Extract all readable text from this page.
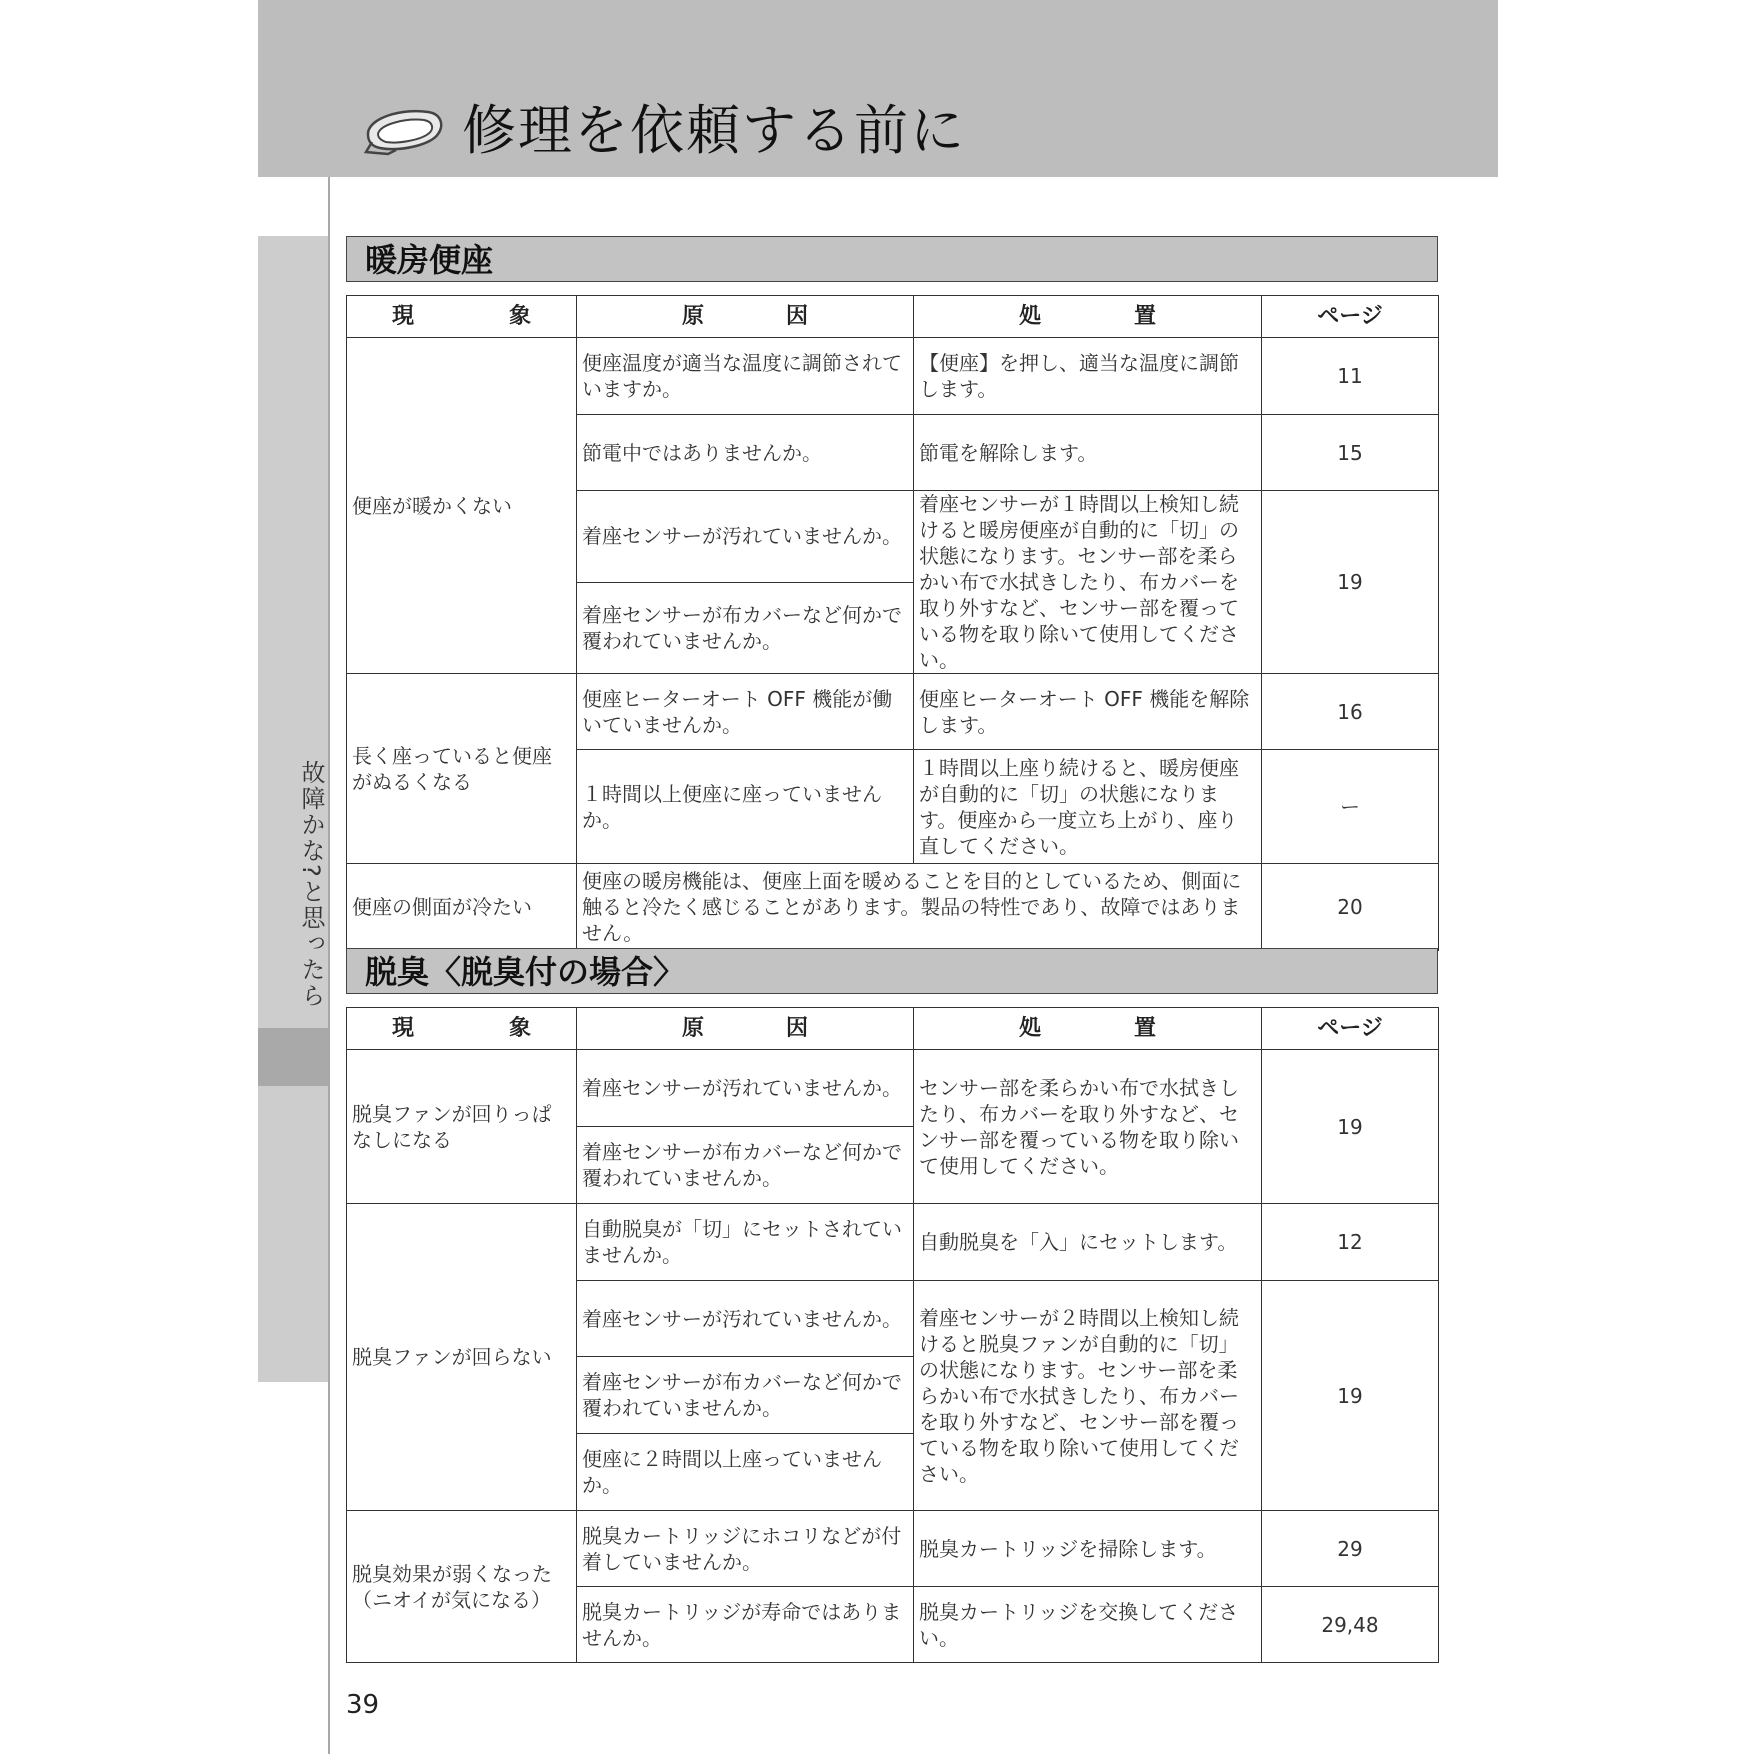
修理を依頼する前に

故障かな?と思ったら

暖房便座
現 象	原 因	処 置	ページ
便座が暖かくない	便座温度が適当な温度に調節されていますか。	【便座】を押し、適当な温度に調節します。	11
	節電中ではありませんか。	節電を解除します。	15
	着座センサーが汚れていませんか。	着座センサーが１時間以上検知し続けると暖房便座が自動的に「切」の状態になります。センサー部を柔らかい布で水拭きしたり、布カバーを取り外すなど、センサー部を覆っている物を取り除いて使用してください。	19
	着座センサーが布カバーなど何かで覆われていませんか。		
長く座っていると便座がぬるくなる	便座ヒーターオート OFF 機能が働いていませんか。	便座ヒーターオート OFF 機能を解除します。	16
	１時間以上便座に座っていませんか。	１時間以上座り続けると、暖房便座が自動的に「切」の状態になります。便座から一度立ち上がり、座り直してください。	ー
便座の側面が冷たい	便座の暖房機能は、便座上面を暖めることを目的としているため、側面に触ると冷たく感じることがあります。製品の特性であり、故障ではありません。		20
脱臭〈脱臭付の場合〉
現 象	原 因	処 置	ページ
脱臭ファンが回りっぱなしになる	着座センサーが汚れていませんか。	センサー部を柔らかい布で水拭きしたり、布カバーを取り外すなど、センサー部を覆っている物を取り除いて使用してください。	19
	着座センサーが布カバーなど何かで覆われていませんか。		
脱臭ファンが回らない	自動脱臭が「切」にセットされていませんか。	自動脱臭を「入」にセットします。	12
	着座センサーが汚れていませんか。	着座センサーが２時間以上検知し続けると脱臭ファンが自動的に「切」の状態になります。センサー部を柔らかい布で水拭きしたり、布カバーを取り外すなど、センサー部を覆っている物を取り除いて使用してください。	19
	着座センサーが布カバーなど何かで覆われていませんか。		
	便座に２時間以上座っていませんか。		
脱臭効果が弱くなった（ニオイが気になる）	脱臭カートリッジにホコリなどが付着していませんか。	脱臭カートリッジを掃除します。	29
	脱臭カートリッジが寿命ではありませんか。	脱臭カートリッジを交換してください。	29,48

39
